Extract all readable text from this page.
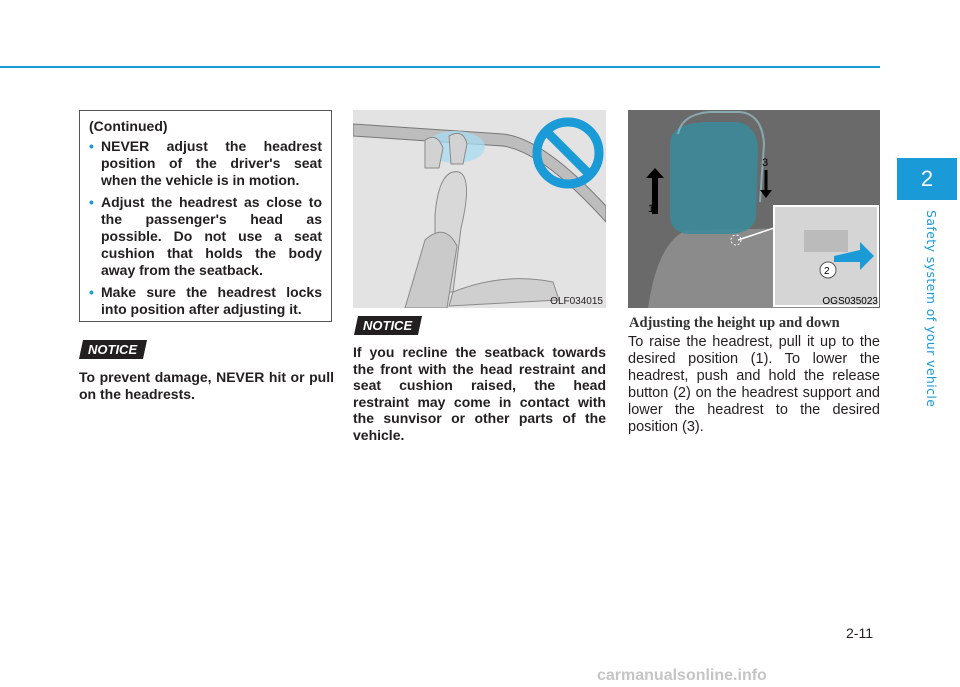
2
Safety system of your vehicle
(Continued)
• NEVER adjust the headrest position of the driver's seat when the vehicle is in motion.
• Adjust the headrest as close to the passenger's head as possible. Do not use a seat cushion that holds the body away from the seatback.
• Make sure the headrest locks into position after adjusting it.
NOTICE
To prevent damage, NEVER hit or pull on the headrests.
OLF034015
NOTICE
If you recline the seatback towards the front with the head restraint and seat cushion raised, the head restraint may come in contact with the sunvisor or other parts of the vehicle.
1
3
2
OGS035023
Adjusting the height up and down
To raise the headrest, pull it up to the desired position (1). To lower the headrest, push and hold the release button (2) on the headrest support and lower the headrest to the desired position (3).
2-11
carmanualsonline.info
